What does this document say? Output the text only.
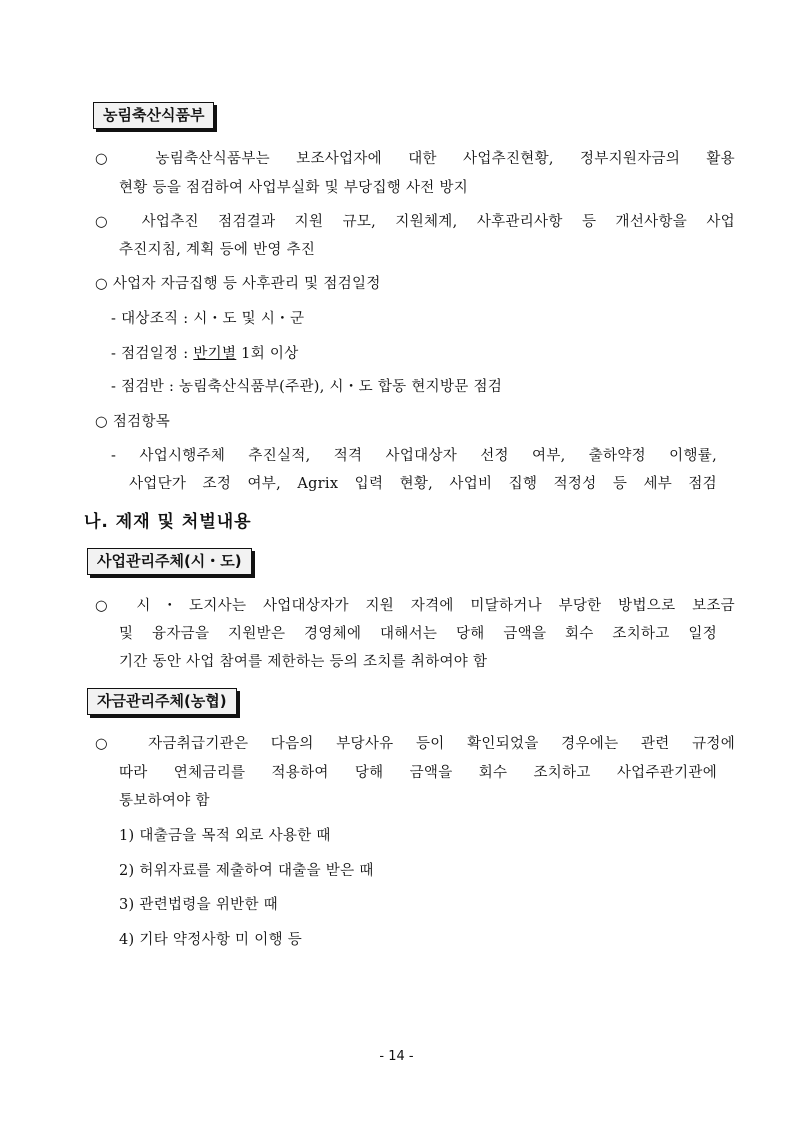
농림축산식품부
○ 농림축산식품부는 보조사업자에 대한 사업추진현황, 정부지원자금의 활용
현황 등을 점검하여 사업부실화 및 부당집행 사전 방지
○ 사업추진 점검결과 지원 규모, 지원체계, 사후관리사항 등 개선사항을 사업
추진지침, 계획 등에 반영 추진
○ 사업자 자금집행 등 사후관리 및 점검일정
- 대상조직 : 시・도 및 시・군
- 점검일정 : 반기별 1회 이상
- 점검반 : 농림축산식품부(주관), 시・도 합동 현지방문 점검
○ 점검항목
- 사업시행주체 추진실적, 적격 사업대상자 선정 여부, 출하약정 이행률,
사업단가 조정 여부, Agrix 입력 현황, 사업비 집행 적정성 등 세부 점검
나. 제재 및 처벌내용
사업관리주체(시・도)
○ 시・도지사는 사업대상자가 지원 자격에 미달하거나 부당한 방법으로 보조금
및 융자금을 지원받은 경영체에 대해서는 당해 금액을 회수 조치하고 일정
기간 동안 사업 참여를 제한하는 등의 조치를 취하여야 함
자금관리주체(농협)
○ 자금취급기관은 다음의 부당사유 등이 확인되었을 경우에는 관련 규정에
따라 연체금리를 적용하여 당해 금액을 회수 조치하고 사업주관기관에
통보하여야 함
1) 대출금을 목적 외로 사용한 때
2) 허위자료를 제출하여 대출을 받은 때
3) 관련법령을 위반한 때
4) 기타 약정사항 미 이행 등
- 14 -
